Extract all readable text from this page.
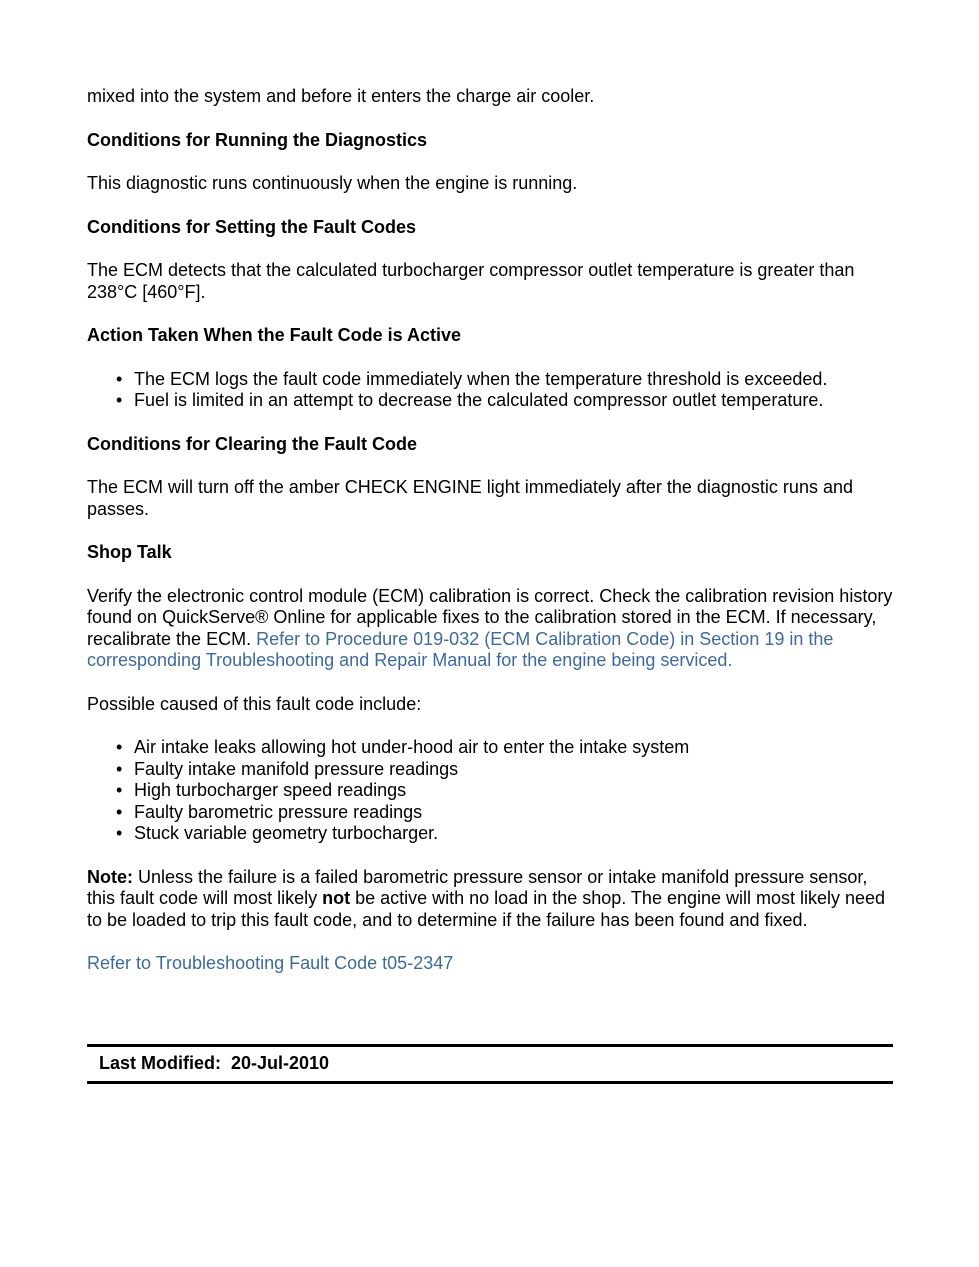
mixed into the system and before it enters the charge air cooler.

Conditions for Running the Diagnostics

This diagnostic runs continuously when the engine is running.

Conditions for Setting the Fault Codes

The ECM detects that the calculated turbocharger compressor outlet temperature is greater than 238°C [460°F].

Action Taken When the Fault Code is Active
• The ECM logs the fault code immediately when the temperature threshold is exceeded.
• Fuel is limited in an attempt to decrease the calculated compressor outlet temperature.
Conditions for Clearing the Fault Code

The ECM will turn off the amber CHECK ENGINE light immediately after the diagnostic runs and passes.

Shop Talk

Verify the electronic control module (ECM) calibration is correct. Check the calibration revision history found on QuickServe® Online for applicable fixes to the calibration stored in the ECM. If necessary, recalibrate the ECM. Refer to Procedure 019-032 (ECM Calibration Code) in Section 19 in the corresponding Troubleshooting and Repair Manual for the engine being serviced.

Possible caused of this fault code include:

• Air intake leaks allowing hot under-hood air to enter the intake system
• Faulty intake manifold pressure readings
• High turbocharger speed readings
• Faulty barometric pressure readings
• Stuck variable geometry turbocharger.

Note: Unless the failure is a failed barometric pressure sensor or intake manifold pressure sensor, this fault code will most likely not be active with no load in the shop. The engine will most likely need to be loaded to trip this fault code, and to determine if the failure has been found and fixed.

Refer to Troubleshooting Fault Code t05-2347

Last Modified:  20-Jul-2010
